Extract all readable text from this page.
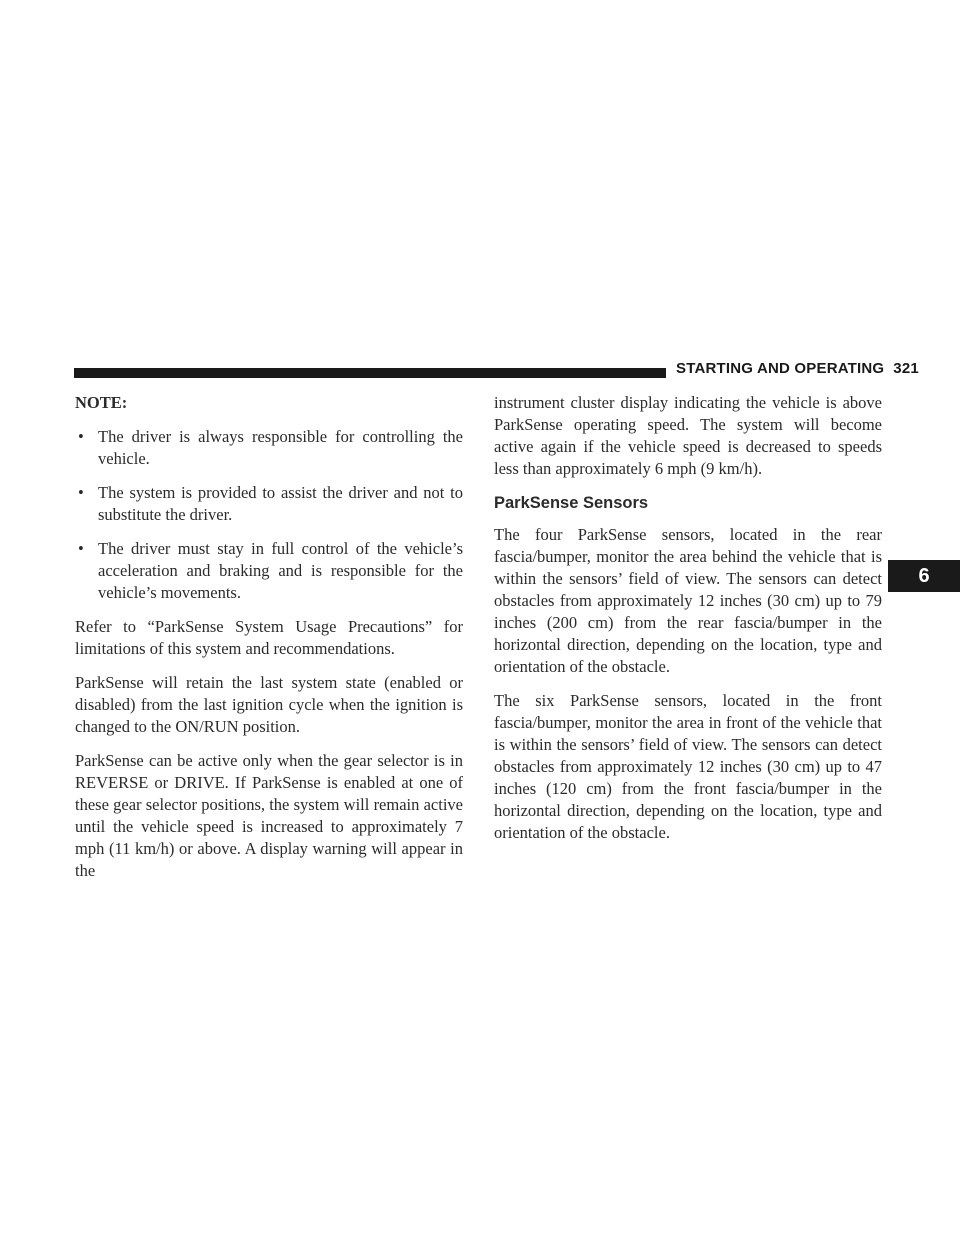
STARTING AND OPERATING 321
6
NOTE:
• The driver is always responsible for controlling the vehicle.
• The system is provided to assist the driver and not to substitute the driver.
• The driver must stay in full control of the vehicle’s acceleration and braking and is responsible for the vehicle’s movements.

Refer to “ParkSense System Usage Precautions” for limitations of this system and recommendations.

ParkSense will retain the last system state (enabled or disabled) from the last ignition cycle when the ignition is changed to the ON/RUN position.

ParkSense can be active only when the gear selector is in REVERSE or DRIVE. If ParkSense is enabled at one of these gear selector positions, the system will remain active until the vehicle speed is increased to approximately 7 mph (11 km/h) or above. A display warning will appear in the

instrument cluster display indicating the vehicle is above ParkSense operating speed. The system will become active again if the vehicle speed is decreased to speeds less than approximately 6 mph (9 km/h).

ParkSense Sensors

The four ParkSense sensors, located in the rear fascia/bumper, monitor the area behind the vehicle that is within the sensors’ field of view. The sensors can detect obstacles from approximately 12 inches (30 cm) up to 79 inches (200 cm) from the rear fascia/bumper in the horizontal direction, depending on the location, type and orientation of the obstacle.

The six ParkSense sensors, located in the front fascia/bumper, monitor the area in front of the vehicle that is within the sensors’ field of view. The sensors can detect obstacles from approximately 12 inches (30 cm) up to 47 inches (120 cm) from the front fascia/bumper in the horizontal direction, depending on the location, type and orientation of the obstacle.
